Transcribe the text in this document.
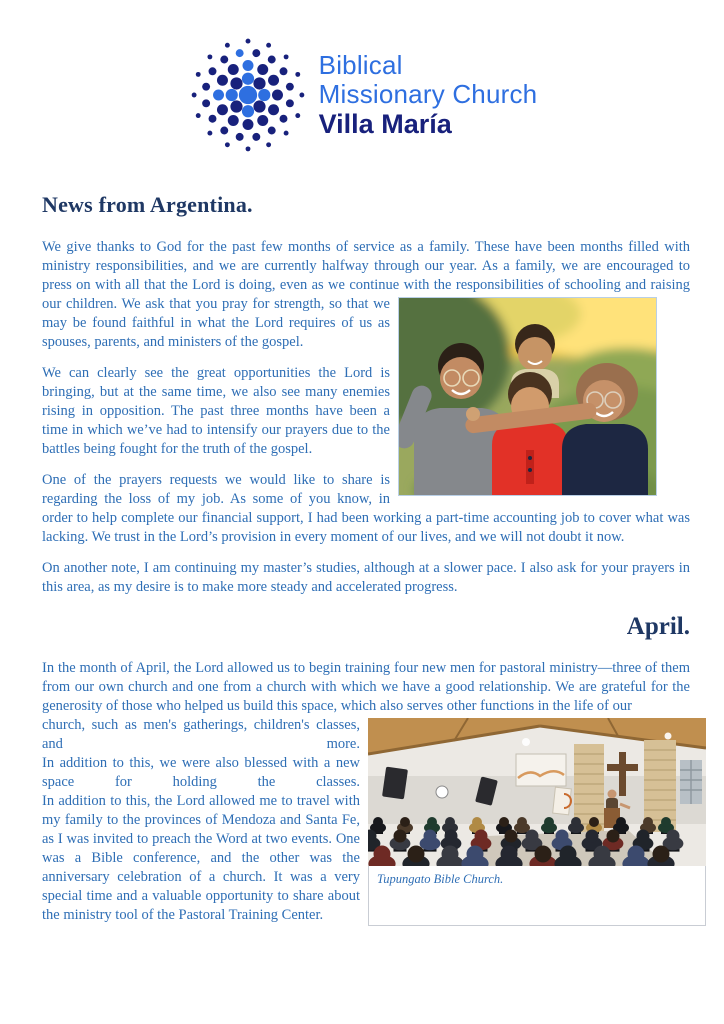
Biblical
Missionary Church
Villa María
News from Argentina.

We give thanks to God for the past few months of service as a family. These have been months filled with ministry responsibilities, and we are currently halfway through our year. As a family, we are encouraged to press on with all that the Lord is doing, even as we continue with the
responsibilities of schooling and raising our children. We ask that you pray for strength, so that we may be found faithful in what the Lord requires of us as spouses, parents, and ministers of the gospel.

We can clearly see the great opportunities the Lord is bringing, but at the same time, we also see many enemies rising in opposition. The past three months have been a time in which we’ve had to intensify our prayers due to the battles being fought for the truth of the gospel.

One of the prayers requests we would like to share is regarding the loss of my job. As some of you know, in order to help complete our financial support, I had been working a part-time accounting job to cover what was lacking. We trust in the Lord’s provision in every moment of our lives, and we will not doubt it now.

On another note, I am continuing my master’s studies, although at a slower pace. I also ask for your prayers in this area, as my desire is to make more steady and accelerated progress.

April.

In the month of April, the Lord allowed us to begin training four new men for pastoral ministry—three of them from our own church and one from a church with which we have a good relationship. We are grateful for the generosity of those who helped us build this space, which also serves other functions in the life of our
Tupungato Bible Church.
church, such as men's gatherings, children's classes, and more.
In addition to this, we were also blessed with a new space for holding the classes.
In addition to this, the Lord allowed me to travel with my family to the provinces of Mendoza and Santa Fe, as I was invited to preach the Word at two events. One was a Bible conference, and the other was the anniversary celebration of a church. It was a very special time and a valuable opportunity to share about the ministry tool of the Pastoral Training Center.
